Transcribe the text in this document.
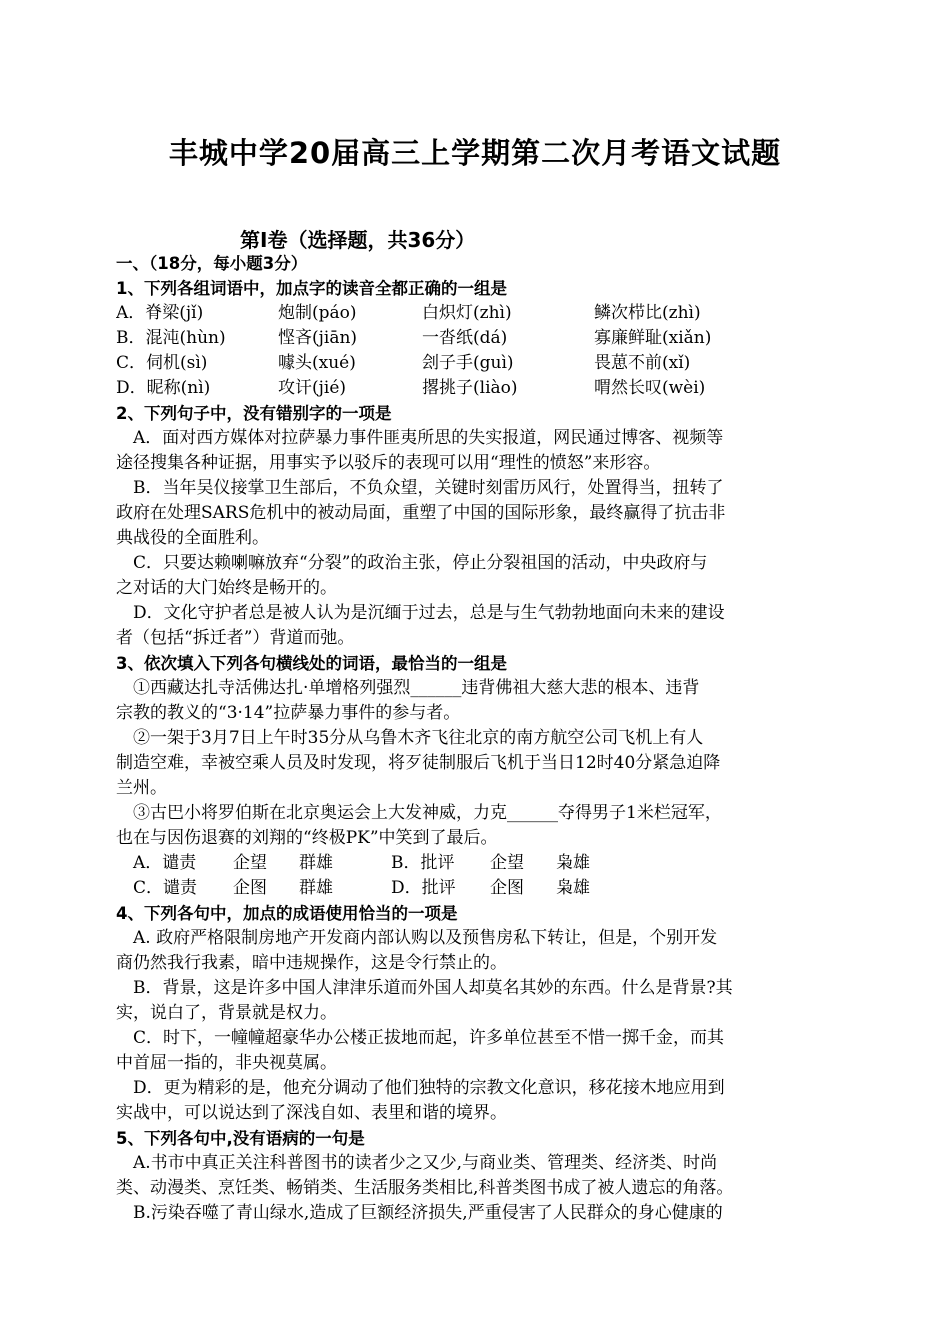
丰城中学20届高三上学期第二次月考语文试题
第Ⅰ卷（选择题，共36分）
一、（18分，每小题3分）
1、下列各组词语中，加点字的读音全都正确的一组是
A．脊梁(jǐ)	炮制(páo)	白炽灯(zhì)	鳞次栉比(zhì)
B．混沌(hùn)	悭吝(jiān)	一沓纸(dá)	寡廉鲜耻(xiǎn)
C．伺机(sì)	噱头(xué)	刽子手(guì)	畏葸不前(xǐ)
D．昵称(nì)	攻讦(jié)	撂挑子(liào)	喟然长叹(wèi)
2、下列句子中，没有错别字的一项是
A．面对西方媒体对拉萨暴力事件匪夷所思的失实报道，网民通过博客、视频等
途径搜集各种证据，用事实予以驳斥的表现可以用“理性的愤怒”来形容。
B．当年吴仪接掌卫生部后，不负众望，关键时刻雷历风行，处置得当，扭转了
政府在处理SARS危机中的被动局面，重塑了中国的国际形象，最终赢得了抗击非
典战役的全面胜利。
C．只要达赖喇嘛放弃“分裂”的政治主张，停止分裂祖国的活动，中央政府与
之对话的大门始终是畅开的。
D．文化守护者总是被人认为是沉缅于过去，总是与生气勃勃地面向未来的建设
者（包括“拆迁者”）背道而弛。
3、依次填入下列各句横线处的词语，最恰当的一组是
①西藏达扎寺活佛达扎·单增格列强烈______违背佛祖大慈大悲的根本、违背
宗教的教义的“3·14”拉萨暴力事件的参与者。
②一架于3月7日上午时35分从乌鲁木齐飞往北京的南方航空公司飞机上有人
制造空难，幸被空乘人员及时发现，将歹徒制服后飞机于当日12时40分紧急迫降
兰州。
③古巴小将罗伯斯在北京奥运会上大发神威，力克______夺得男子1米栏冠军，
也在与因伤退赛的刘翔的“终极PK”中笑到了最后。
A．谴责 企望 群雄	B．批评 企望 枭雄
C．谴责 企图 群雄	D．批评 企图 枭雄
4、下列各句中，加点的成语使用恰当的一项是
A. 政府严格限制房地产开发商内部认购以及预售房私下转让，但是，个别开发
商仍然我行我素，暗中违规操作，这是令行禁止的。
B．背景，这是许多中国人津津乐道而外国人却莫名其妙的东西。什么是背景?其
实，说白了，背景就是权力。
C．时下，一幢幢超豪华办公楼正拔地而起，许多单位甚至不惜一掷千金，而其
中首屈一指的，非央视莫属。
D．更为精彩的是，他充分调动了他们独特的宗教文化意识，移花接木地应用到
实战中，可以说达到了深浅自如、表里和谐的境界。
5、下列各句中,没有语病的一句是
A.书市中真正关注科普图书的读者少之又少,与商业类、管理类、经济类、时尚
类、动漫类、烹饪类、畅销类、生活服务类相比,科普类图书成了被人遗忘的角落。
B.污染吞噬了青山绿水,造成了巨额经济损失,严重侵害了人民群众的身心健康的
